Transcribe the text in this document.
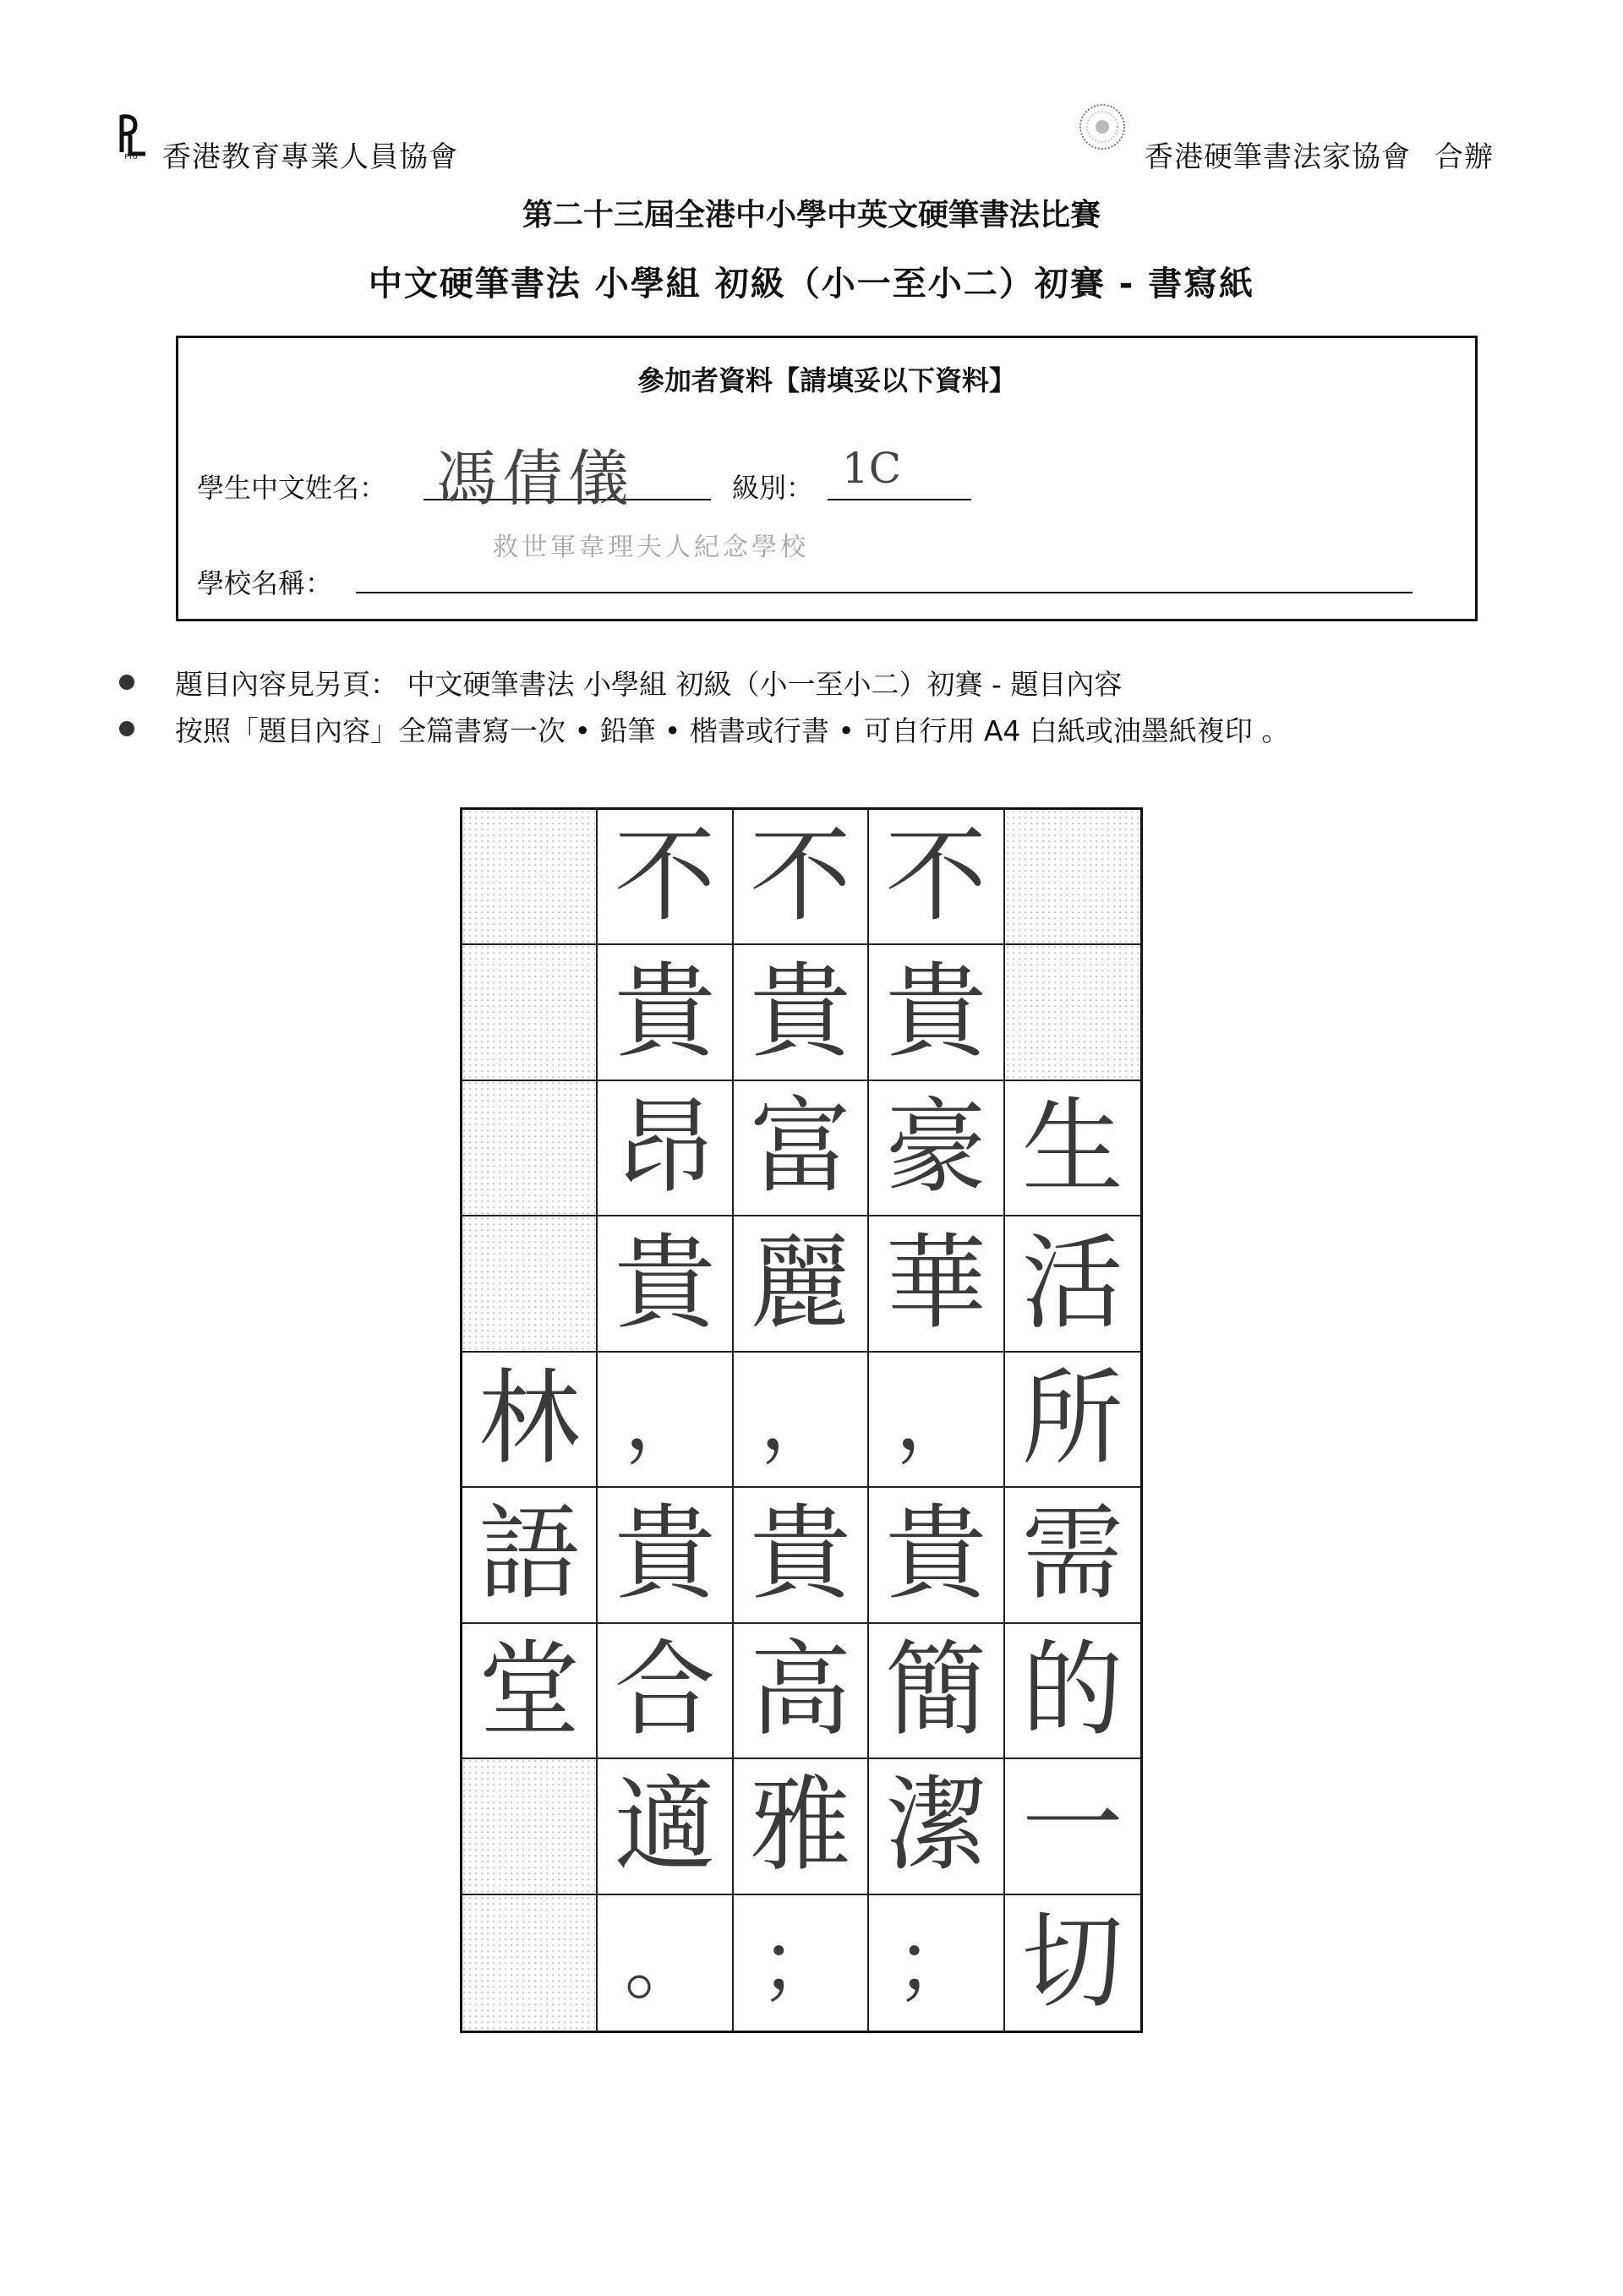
PTU 香港教育專業人員協會	香港硬筆書法家協會 合辦
第二十三屆全港中小學中英文硬筆書法比賽
中文硬筆書法 小學組 初級（小一至小二）初賽 - 書寫紙
參加者資料【請填妥以下資料】
學生中文姓名： 馮倩儀	級別： 1C
救世軍韋理夫人紀念學校
學校名稱：
題目內容見另頁： 中文硬筆書法 小學組 初級（小一至小二）初賽 - 題目內容
按照「題目內容」全篇書寫一次 • 鉛筆 • 楷書或行書 • 可自行用 A4 白紙或油墨紙複印 。
林
語
堂
不
貴
昂
貴
，
貴
合
適
。
不
貴
富
麗
，
貴
高
雅
；
不
貴
豪
華
，
貴
簡
潔
；
生
活
所
需
的
一
切
